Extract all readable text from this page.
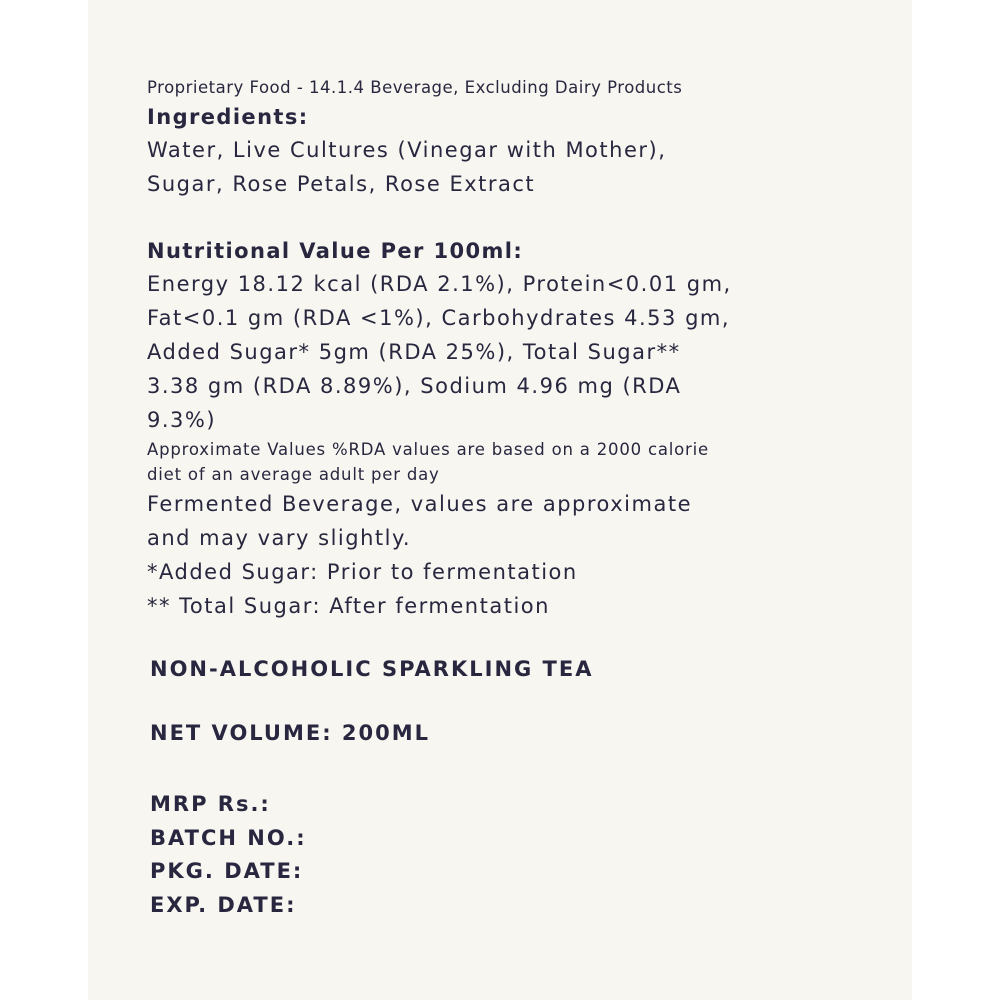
Proprietary Food - 14.1.4 Beverage, Excluding Dairy Products
Ingredients:
Water, Live Cultures (Vinegar with Mother),
Sugar, Rose Petals, Rose Extract
Nutritional Value Per 100ml:
Energy 18.12 kcal (RDA 2.1%), Protein<0.01 gm,
Fat<0.1 gm (RDA <1%), Carbohydrates 4.53 gm,
Added Sugar* 5gm (RDA 25%), Total Sugar**
3.38 gm (RDA 8.89%), Sodium 4.96 mg (RDA
9.3%)
Approximate Values %RDA values are based on a 2000 calorie
diet of an average adult per day
Fermented Beverage, values are approximate
and may vary slightly.
*Added Sugar: Prior to fermentation
** Total Sugar: After fermentation
NON-ALCOHOLIC SPARKLING TEA
NET VOLUME: 200ML
MRP Rs.:
BATCH NO.:
PKG. DATE:
EXP. DATE:
